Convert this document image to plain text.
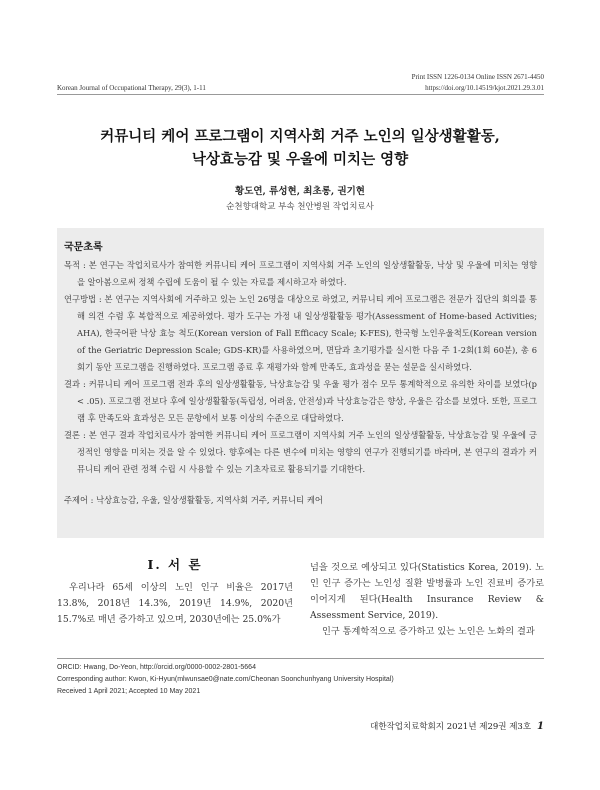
Korean Journal of Occupational Therapy, 29(3), 1-11
Print ISSN 1226-0134 Online ISSN 2671-4450
https://doi.org/10.14519/kjot.2021.29.3.01
커뮤니티 케어 프로그램이 지역사회 거주 노인의 일상생활활동,
낙상효능감 및 우울에 미치는 영향
황도연, 류성현, 최초롱, 권기현
순천향대학교 부속 천안병원 작업치료사
국문초록

목적 : 본 연구는 작업치료사가 참여한 커뮤니티 케어 프로그램이 지역사회 거주 노인의 일상생활활동, 낙상 및 우울에 미치는 영향을 알아봄으로써 정책 수립에 도움이 될 수 있는 자료를 제시하고자 하였다.

연구방법 : 본 연구는 지역사회에 거주하고 있는 노인 26명을 대상으로 하였고, 커뮤니티 케어 프로그램은 전문가 집단의 회의를 통해 의견 수렴 후 복합적으로 제공하였다. 평가 도구는 가정 내 일상생활활동 평가(Assessment of Home-based Activities; AHA), 한국어판 낙상 효능 척도(Korean version of Fall Efficacy Scale; K-FES), 한국형 노인우울척도(Korean version of the Geriatric Depression Scale; GDS-KR)를 사용하였으며, 면담과 초기평가를 실시한 다음 주 1-2회(1회 60분), 총 6회기 동안 프로그램을 진행하였다. 프로그램 종료 후 재평가와 함께 만족도, 효과성을 묻는 설문을 실시하였다.

결과 : 커뮤니티 케어 프로그램 전과 후의 일상생활활동, 낙상효능감 및 우울 평가 점수 모두 통계학적으로 유의한 차이를 보였다(p < .05). 프로그램 전보다 후에 일상생활활동(독립성, 어려움, 안전성)과 낙상효능감은 향상, 우울은 감소를 보였다. 또한, 프로그램 후 만족도와 효과성은 모든 문항에서 보통 이상의 수준으로 대답하였다.

결론 : 본 연구 결과 작업치료사가 참여한 커뮤니티 케어 프로그램이 지역사회 거주 노인의 일상생활활동, 낙상효능감 및 우울에 긍정적인 영향을 미치는 것을 알 수 있었다. 향후에는 다른 변수에 미치는 영향의 연구가 진행되기를 바라며, 본 연구의 결과가 커뮤니티 케어 관련 정책 수립 시 사용할 수 있는 기초자료로 활용되기를 기대한다.

주제어 : 낙상효능감, 우울, 일상생활활동, 지역사회 거주, 커뮤니티 케어
Ⅰ. 서 론
우리나라 65세 이상의 노인 인구 비율은 2017년 13.8%, 2018년 14.3%, 2019년 14.9%, 2020년 15.7%로 매년 증가하고 있으며, 2030년에는 25.0%가
넘을 것으로 예상되고 있다(Statistics Korea, 2019). 노인 인구 증가는 노인성 질환 발병률과 노인 진료비 증가로 이어지게 된다(Health Insurance Review & Assessment Service, 2019).
인구 통계학적으로 증가하고 있는 노인은 노화의 결과
ORCID: Hwang, Do-Yeon, http://orcid.org/0000-0002-2801-5664
Corresponding author: Kwon, Ki-Hyun(mlwunsae0@nate.com/Cheonan Soonchunhyang University Hospital)
Received 1 April 2021; Accepted 10 May 2021
대한작업치료학회지 2021년 제29권 제3호 1
